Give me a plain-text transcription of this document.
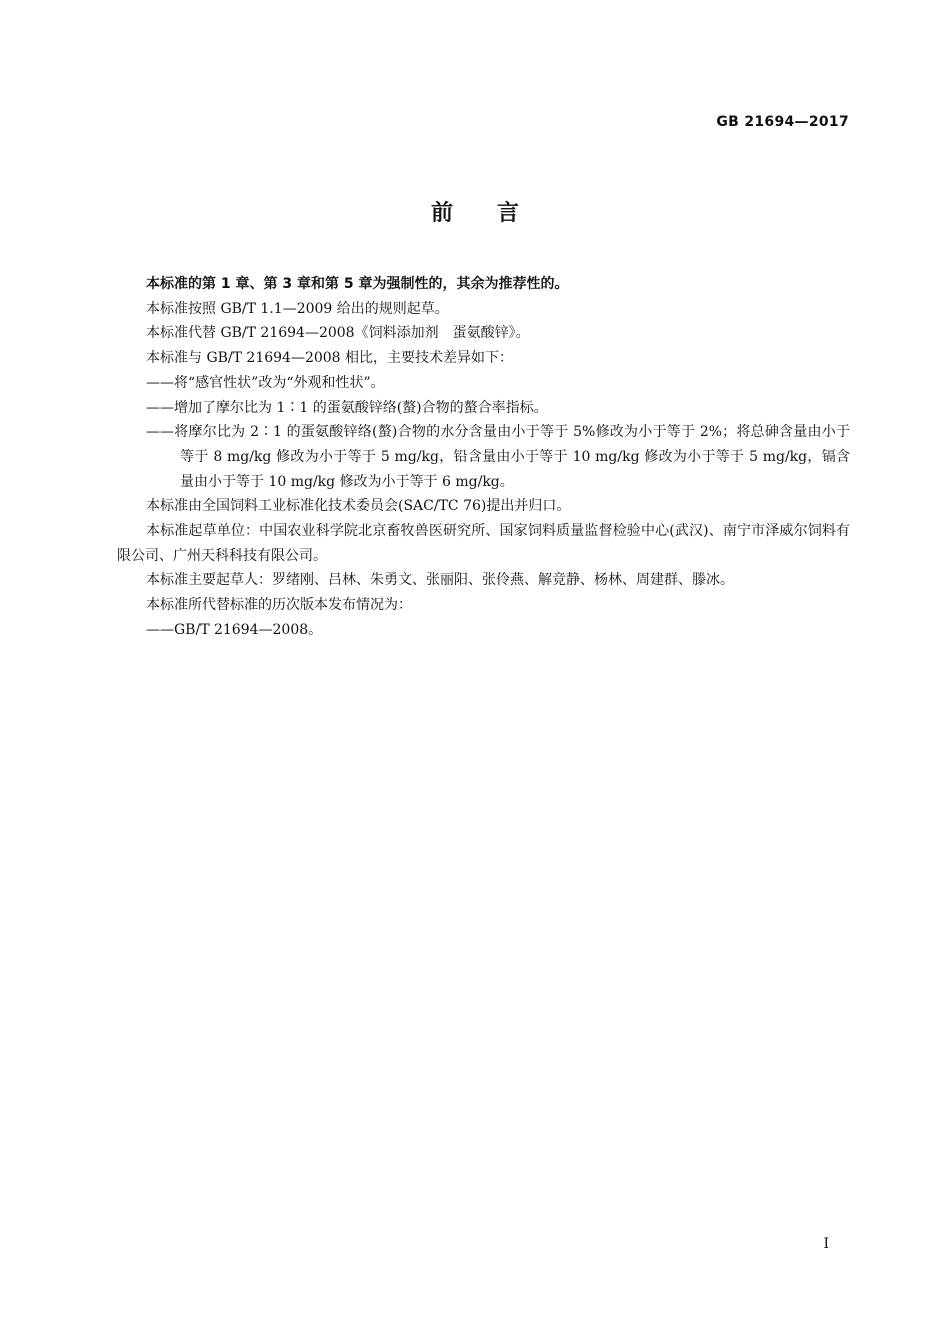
GB 21694—2017
前言

本标准的第 1 章、第 3 章和第 5 章为强制性的，其余为推荐性的。

本标准按照 GB/T 1.1—2009 给出的规则起草。

本标准代替 GB/T 21694—2008《饲料添加剂　蛋氨酸锌》。

本标准与 GB/T 21694—2008 相比，主要技术差异如下：

——将“感官性状”改为“外观和性状”。

——增加了摩尔比为 1∶1 的蛋氨酸锌络(螯)合物的螯合率指标。

——将摩尔比为 2∶1 的蛋氨酸锌络(螯)合物的水分含量由小于等于 5%修改为小于等于 2%；将总砷含量由小于等于 8 mg/kg 修改为小于等于 5 mg/kg，铅含量由小于等于 10 mg/kg 修改为小于等于 5 mg/kg，镉含量由小于等于 10 mg/kg 修改为小于等于 6 mg/kg。

本标准由全国饲料工业标准化技术委员会(SAC/TC 76)提出并归口。

本标准起草单位：中国农业科学院北京畜牧兽医研究所、国家饲料质量监督检验中心(武汉)、南宁市泽威尔饲料有限公司、广州天科科技有限公司。

本标准主要起草人：罗绪刚、吕林、朱勇文、张丽阳、张伶燕、解竞静、杨林、周建群、滕冰。

本标准所代替标准的历次版本发布情况为：

——GB/T 21694—2008。

Ⅰ
